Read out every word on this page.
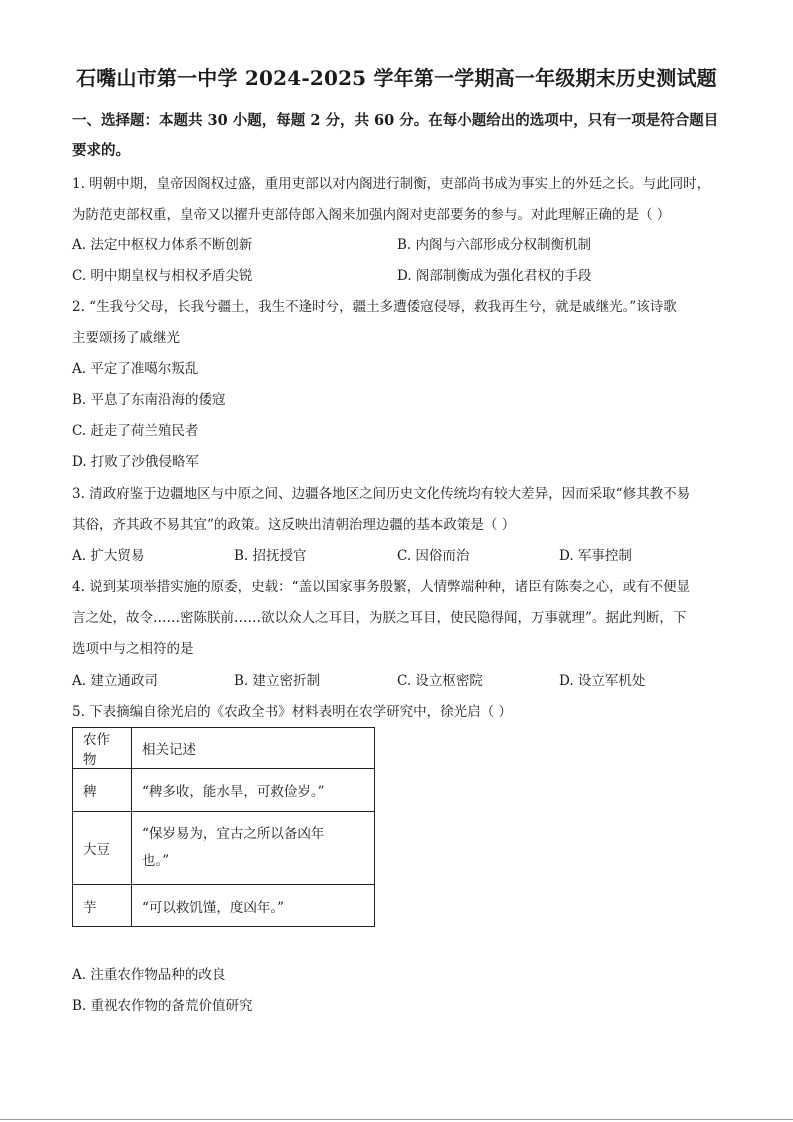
石嘴山市第一中学 2024-2025 学年第一学期高一年级期末历史测试题
一、选择题：本题共 30 小题，每题 2 分，共 60 分。在每小题给出的选项中，只有一项是符合题目要求的。
1. 明朝中期，皇帝因阁权过盛，重用吏部以对内阁进行制衡，吏部尚书成为事实上的外廷之长。与此同时，
为防范吏部权重，皇帝又以擢升吏部侍郎入阁来加强内阁对吏部要务的参与。对此理解正确的是（ ）
A. 法定中枢权力体系不断创新	B. 内阁与六部形成分权制衡机制
C. 明中期皇权与相权矛盾尖锐	D. 阁部制衡成为强化君权的手段
2. “生我兮父母，长我兮疆土，我生不逢时兮，疆土多遭倭寇侵辱，救我再生兮，就是戚继光。”该诗歌
主要颂扬了戚继光
A. 平定了准噶尔叛乱
B. 平息了东南沿海的倭寇
C. 赶走了荷兰殖民者
D. 打败了沙俄侵略军
3. 清政府鉴于边疆地区与中原之间、边疆各地区之间历史文化传统均有较大差异，因而采取“修其教不易
其俗，齐其政不易其宜”的政策。这反映出清朝治理边疆的基本政策是（ ）
A. 扩大贸易	B. 招抚授官	C. 因俗而治	D. 军事控制
4. 说到某项举措实施的原委，史载：“盖以国家事务殷繁，人情弊端种种，诸臣有陈奏之心，或有不便显
言之处，故令……密陈朕前……欲以众人之耳目，为朕之耳目，使民隐得闻，万事就理”。据此判断，下
选项中与之相符的是
A. 建立通政司	B. 建立密折制	C. 设立枢密院	D. 设立军机处
5. 下表摘编自徐光启的《农政全书》材料表明在农学研究中，徐光启（ ）
农作物	相关记述
稗	“稗多收，能水旱，可救俭岁。”
大豆	“保岁易为，宜古之所以备凶年也。”
芋	“可以救饥馑，度凶年。”
A. 注重农作物品种的改良
B. 重视农作物的备荒价值研究
